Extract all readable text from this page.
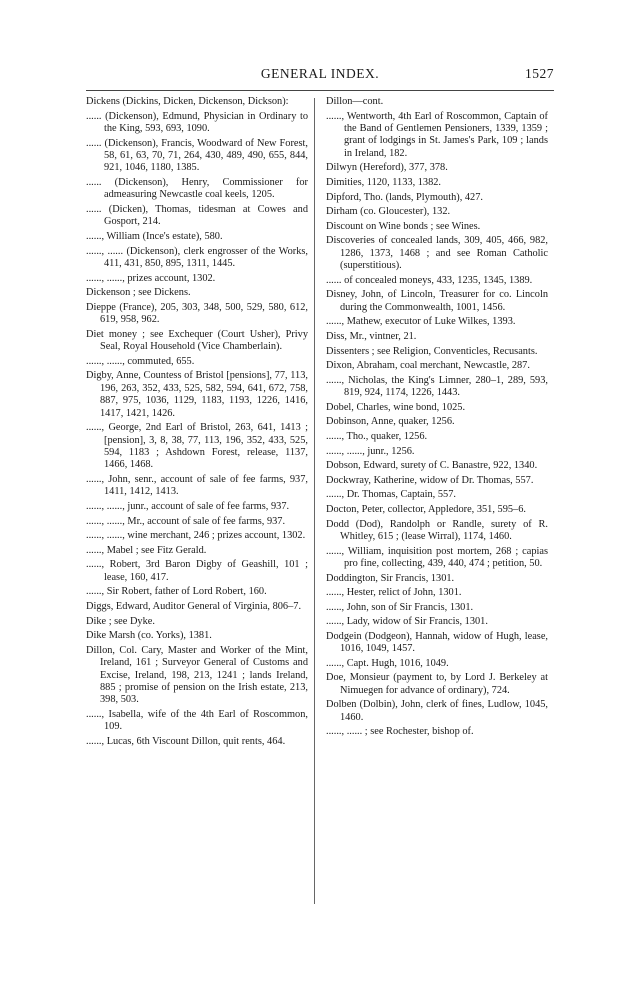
GENERAL INDEX.	1527

Dickens (Dickins, Dicken, Dickenson, Dickson):

...... (Dickenson), Edmund, Physician in Ordinary to the King, 593, 693, 1090.

...... (Dickenson), Francis, Woodward of New Forest, 58, 61, 63, 70, 71, 264, 430, 489, 490, 655, 844, 921, 1046, 1180, 1385.

...... (Dickenson), Henry, Commissioner for admeasuring Newcastle coal keels, 1205.

...... (Dicken), Thomas, tidesman at Cowes and Gosport, 214.

......, William (Ince's estate), 580.

......, ...... (Dickenson), clerk engrosser of the Works, 411, 431, 850, 895, 1311, 1445.

......, ......, prizes account, 1302.

Dickenson ; see Dickens.

Dieppe (France), 205, 303, 348, 500, 529, 580, 612, 619, 958, 962.

Diet money ; see Exchequer (Court Usher), Privy Seal, Royal Household (Vice Chamberlain).

......, ......, commuted, 655.

Digby, Anne, Countess of Bristol [pensions], 77, 113, 196, 263, 352, 433, 525, 582, 594, 641, 672, 758, 887, 975, 1036, 1129, 1183, 1193, 1226, 1416, 1417, 1421, 1426.

......, George, 2nd Earl of Bristol, 263, 641, 1413 ; [pension], 3, 8, 38, 77, 113, 196, 352, 433, 525, 594, 1183 ; Ashdown Forest, release, 1137, 1466, 1468.

......, John, senr., account of sale of fee farms, 937, 1411, 1412, 1413.

......, ......, junr., account of sale of fee farms, 937.

......, ......, Mr., account of sale of fee farms, 937.

......, ......, wine merchant, 246 ; prizes account, 1302.

......, Mabel ; see Fitz Gerald.

......, Robert, 3rd Baron Digby of Geashill, 101 ; lease, 160, 417.

......, Sir Robert, father of Lord Robert, 160.

Diggs, Edward, Auditor General of Virginia, 806–7.

Dike ; see Dyke.

Dike Marsh (co. Yorks), 1381.

Dillon, Col. Cary, Master and Worker of the Mint, Ireland, 161 ; Surveyor General of Customs and Excise, Ireland, 198, 213, 1241 ; lands Ireland, 885 ; promise of pension on the Irish estate, 213, 398, 503.

......, Isabella, wife of the 4th Earl of Roscommon, 109.

......, Lucas, 6th Viscount Dillon, quit rents, 464.

Dillon—cont.

......, Wentworth, 4th Earl of Roscommon, Captain of the Band of Gentlemen Pensioners, 1339, 1359 ; grant of lodgings in St. James's Park, 109 ; lands in Ireland, 182.

Dilwyn (Hereford), 377, 378.

Dimities, 1120, 1133, 1382.

Dipford, Tho. (lands, Plymouth), 427.

Dirham (co. Gloucester), 132.

Discount on Wine bonds ; see Wines.

Discoveries of concealed lands, 309, 405, 466, 982, 1286, 1373, 1468 ; and see Roman Catholic (superstitious).

...... of concealed moneys, 433, 1235, 1345, 1389.

Disney, John, of Lincoln, Treasurer for co. Lincoln during the Commonwealth, 1001, 1456.

......, Mathew, executor of Luke Wilkes, 1393.

Diss, Mr., vintner, 21.

Dissenters ; see Religion, Conventicles, Recusants.

Dixon, Abraham, coal merchant, Newcastle, 287.

......, Nicholas, the King's Limner, 280–1, 289, 593, 819, 924, 1174, 1226, 1443.

Dobel, Charles, wine bond, 1025.

Dobinson, Anne, quaker, 1256.

......, Tho., quaker, 1256.

......, ......, junr., 1256.

Dobson, Edward, surety of C. Banastre, 922, 1340.

Dockwray, Katherine, widow of Dr. Thomas, 557.

......, Dr. Thomas, Captain, 557.

Docton, Peter, collector, Appledore, 351, 595–6.

Dodd (Dod), Randolph or Randle, surety of R. Whitley, 615 ; (lease Wirral), 1174, 1460.

......, William, inquisition post mortem, 268 ; capias pro fine, collecting, 439, 440, 474 ; petition, 50.

Doddington, Sir Francis, 1301.

......, Hester, relict of John, 1301.

......, John, son of Sir Francis, 1301.

......, Lady, widow of Sir Francis, 1301.

Dodgein (Dodgeon), Hannah, widow of Hugh, lease, 1016, 1049, 1457.

......, Capt. Hugh, 1016, 1049.

Doe, Monsieur (payment to, by Lord J. Berkeley at Nimuegen for advance of ordinary), 724.

Dolben (Dolbin), John, clerk of fines, Ludlow, 1045, 1460.

......, ...... ; see Rochester, bishop of.
